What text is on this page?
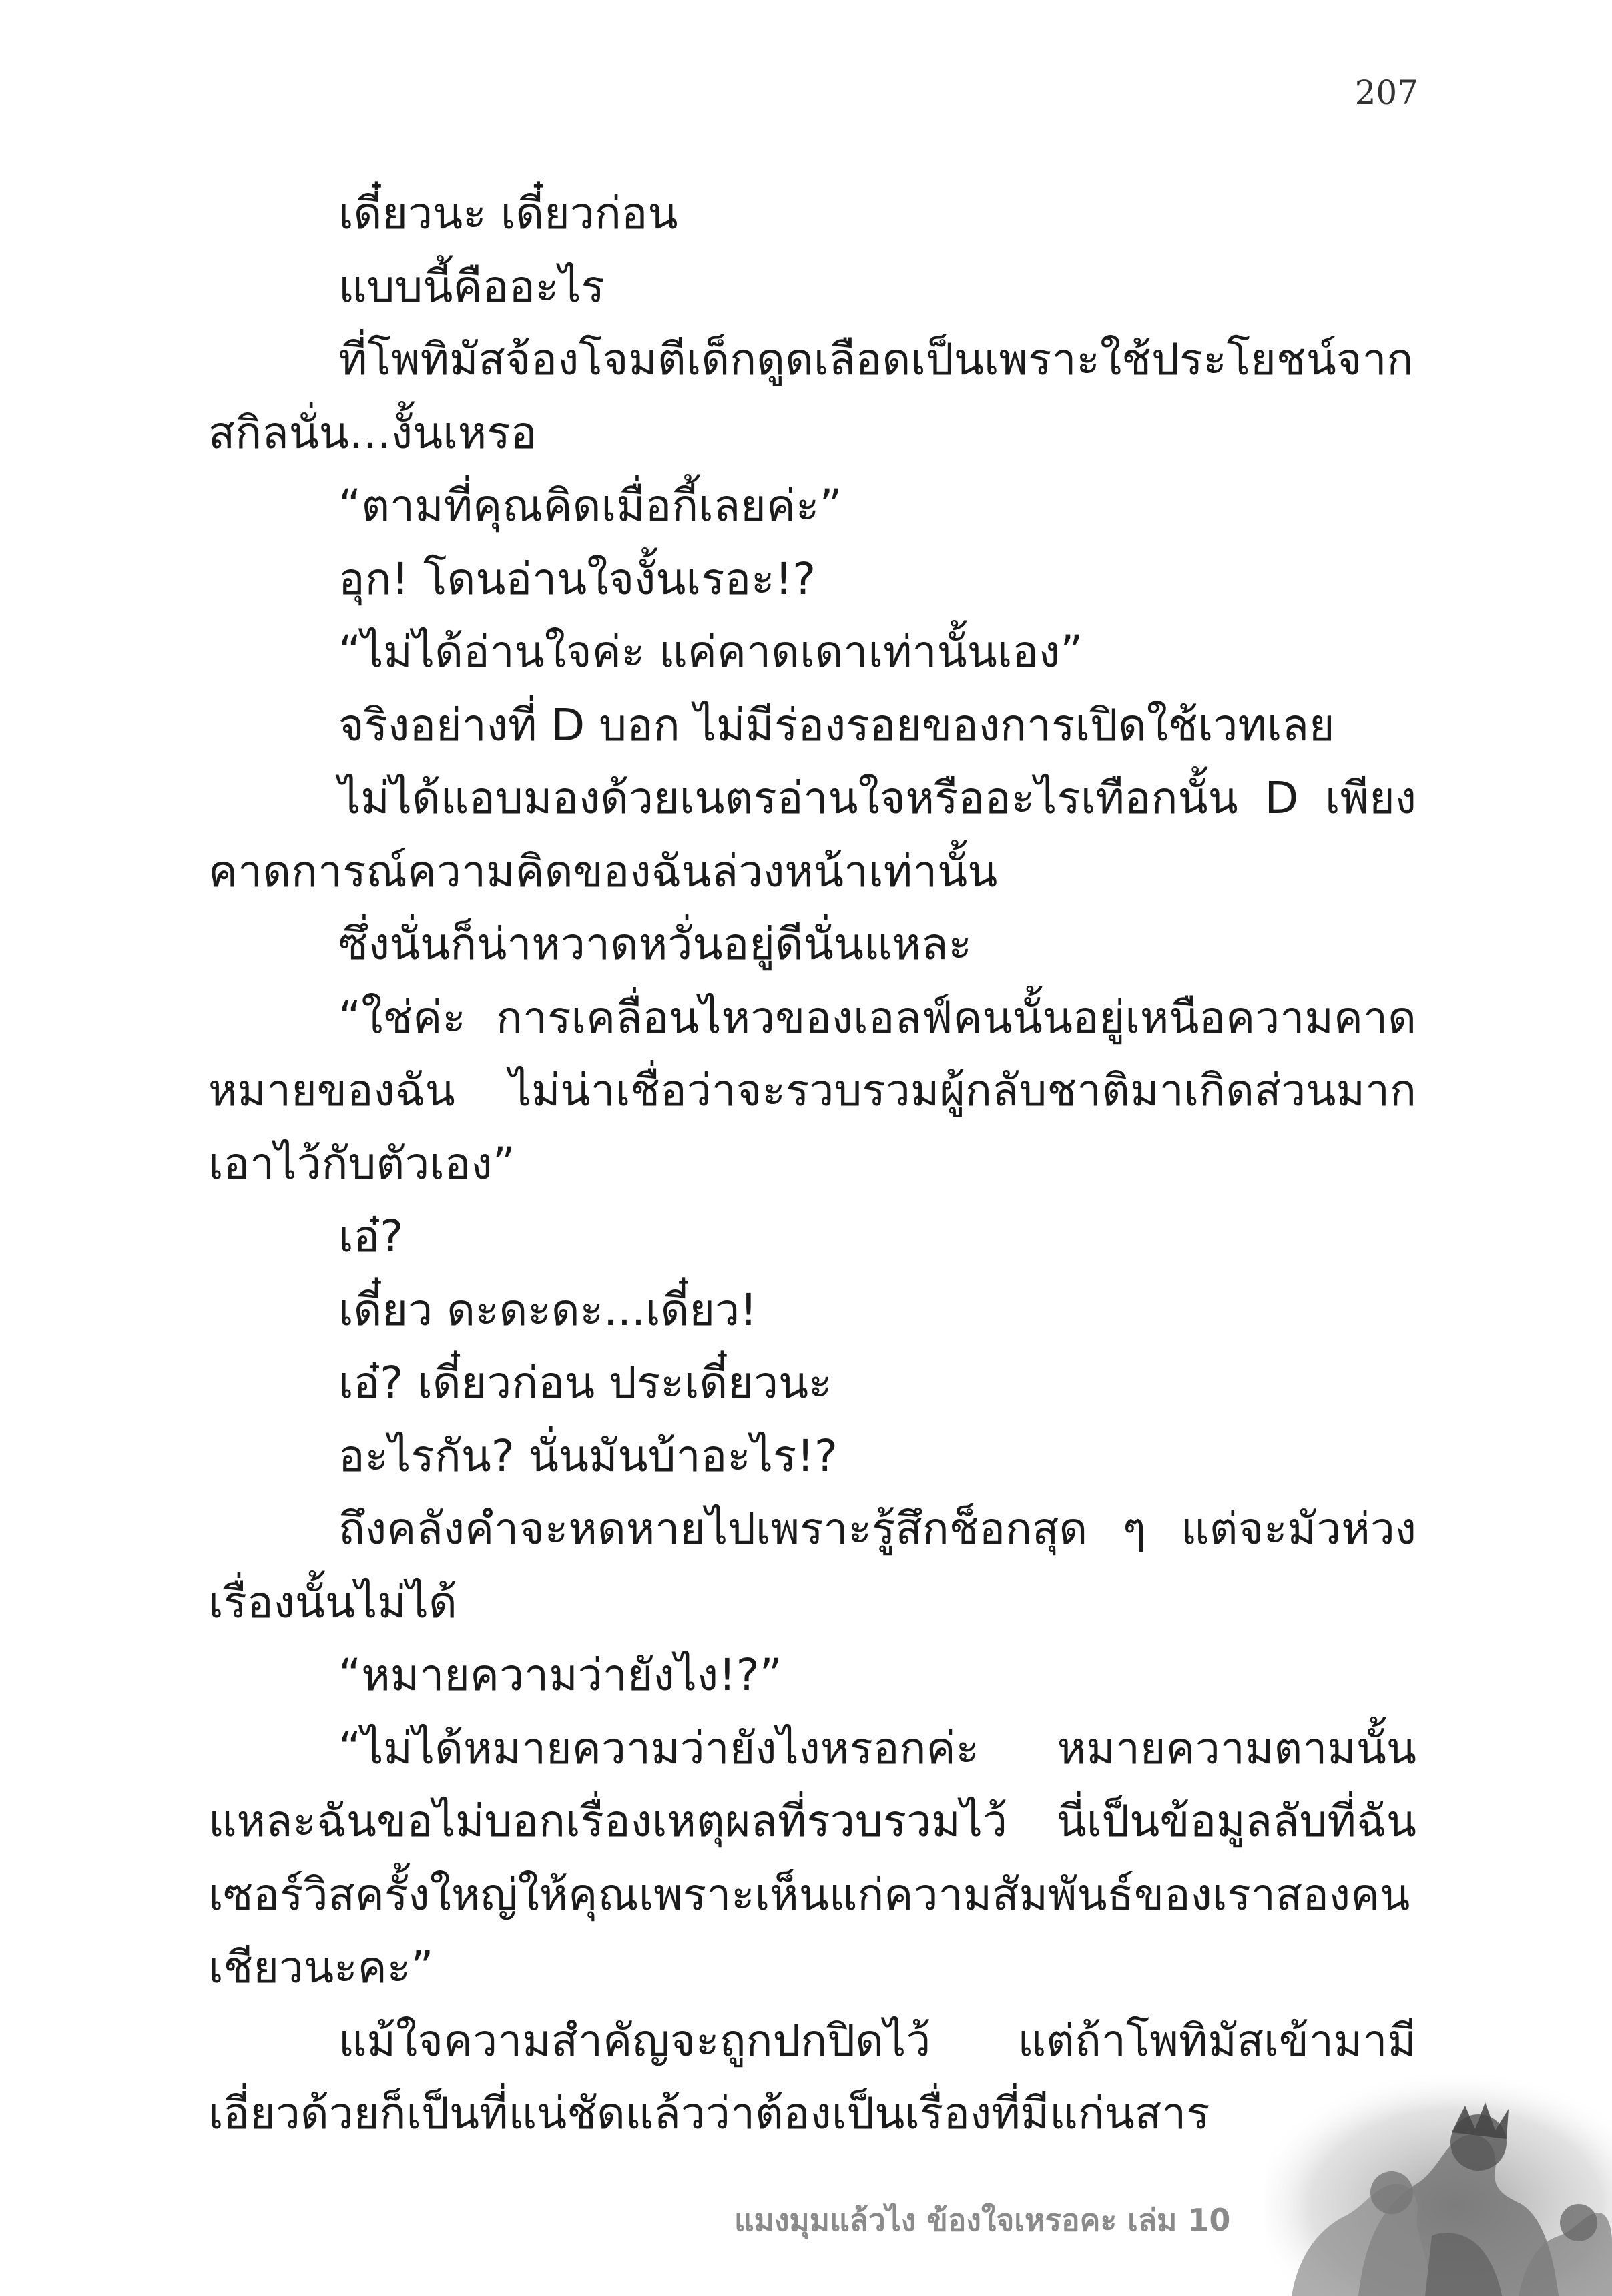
207

เดี๋ยวนะ เดี๋ยวก่อน

แบบนี้คืออะไร

ที่โพทิมัสจ้องโจมตีเด็กดูดเลือดเป็นเพราะใช้ประโยชน์จากสกิลนั่น...งั้นเหรอ

“ตามที่คุณคิดเมื่อกี้เลยค่ะ”

อุก! โดนอ่านใจงั้นเรอะ!?

“ไม่ได้อ่านใจค่ะ แค่คาดเดาเท่านั้นเอง”

จริงอย่างที่ D บอก ไม่มีร่องรอยของการเปิดใช้เวทเลย

ไม่ได้แอบมองด้วยเนตรอ่านใจหรืออะไรเทือกนั้น D เพียงคาดการณ์ความคิดของฉันล่วงหน้าเท่านั้น

ซึ่งนั่นก็น่าหวาดหวั่นอยู่ดีนั่นแหละ

“ใช่ค่ะ การเคลื่อนไหวของเอลฟ์คนนั้นอยู่เหนือความคาดหมายของฉัน ไม่น่าเชื่อว่าจะรวบรวมผู้กลับชาติมาเกิดส่วนมากเอาไว้กับตัวเอง”

เอ๋?

เดี๋ยว ดะดะดะ...เดี๋ยว!

เอ๋? เดี๋ยวก่อน ประเดี๋ยวนะ

อะไรกัน? นั่นมันบ้าอะไร!?

ถึงคลังคำจะหดหายไปเพราะรู้สึกช็อกสุด ๆ แต่จะมัวห่วงเรื่องนั้นไม่ได้

“หมายความว่ายังไง!?”

“ไม่ได้หมายความว่ายังไงหรอกค่ะ หมายความตามนั้นแหละฉันขอไม่บอกเรื่องเหตุผลที่รวบรวมไว้ นี่เป็นข้อมูลลับที่ฉันเซอร์วิสครั้งใหญ่ให้คุณเพราะเห็นแก่ความสัมพันธ์ของเราสองคนเชียวนะคะ”

แม้ใจความสำคัญจะถูกปกปิดไว้ แต่ถ้าโพทิมัสเข้ามามีเอี่ยวด้วยก็เป็นที่แน่ชัดแล้วว่าต้องเป็นเรื่องที่มีแก่นสาร

แมงมุมแล้วไง ข้องใจเหรอคะ เล่ม 10
